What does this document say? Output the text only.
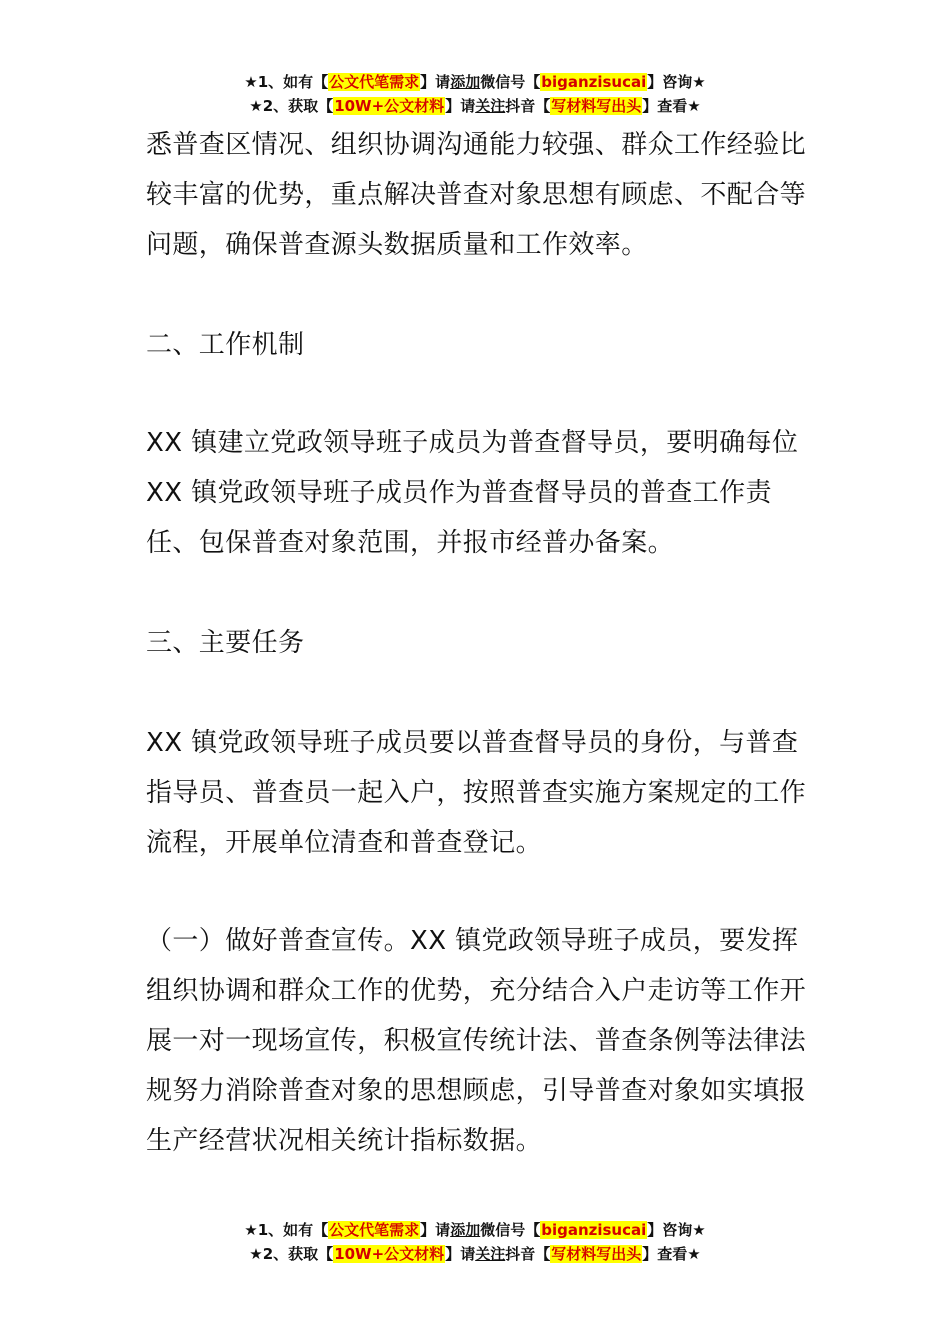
★1、如有【公文代笔需求】请添加微信号【biganzisucai】咨询★
★2、获取【10W+公文材料】请关注抖音【写材料写出头】查看★

悉普查区情况、组织协调沟通能力较强、群众工作经验比较丰富的优势，重点解决普查对象思想有顾虑、不配合等问题，确保普查源头数据质量和工作效率。

二、工作机制

XX 镇建立党政领导班子成员为普查督导员，要明确每位 XX 镇党政领导班子成员作为普查督导员的普查工作责任、包保普查对象范围，并报市经普办备案。

三、主要任务

XX 镇党政领导班子成员要以普查督导员的身份，与普查指导员、普查员一起入户，按照普查实施方案规定的工作流程，开展单位清查和普查登记。

（一）做好普查宣传。XX 镇党政领导班子成员，要发挥组织协调和群众工作的优势，充分结合入户走访等工作开展一对一现场宣传，积极宣传统计法、普查条例等法律法规努力消除普查对象的思想顾虑，引导普查对象如实填报生产经营状况相关统计指标数据。

★1、如有【公文代笔需求】请添加微信号【biganzisucai】咨询★
★2、获取【10W+公文材料】请关注抖音【写材料写出头】查看★
